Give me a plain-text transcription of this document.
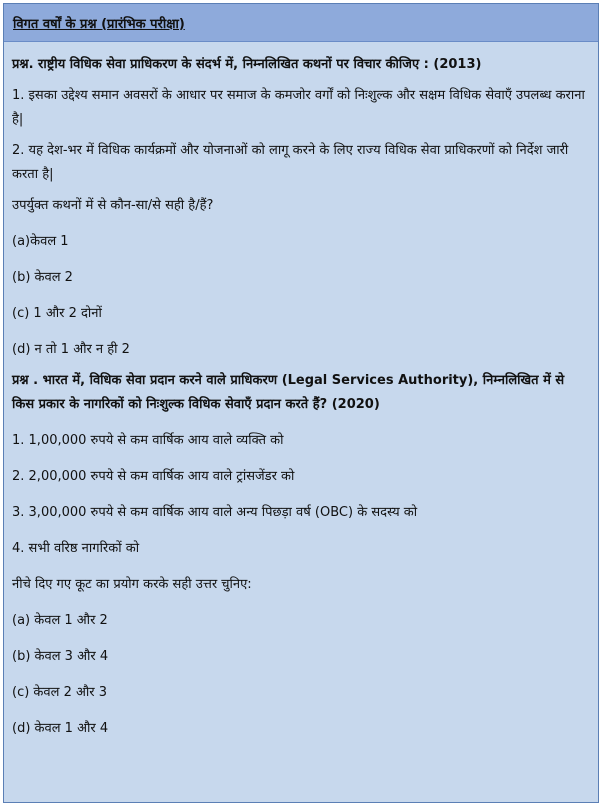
विगत वर्षों के प्रश्न (प्रारंभिक परीक्षा)

प्रश्न. राष्ट्रीय विधिक सेवा प्राधिकरण के संदर्भ में, निम्नलिखित कथनों पर विचार कीजिए : (2013)

1. इसका उद्देश्य समान अवसरों के आधार पर समाज के कमजोर वर्गों को निःशुल्क और सक्षम विधिक सेवाएँ उपलब्ध कराना है|

2. यह देश-भर में विधिक कार्यक्रमों और योजनाओं को लागू करने के लिए राज्य विधिक सेवा प्राधिकरणों को निर्देश जारी करता है|

उपर्युक्त कथनों में से कौन-सा/से सही है/हैं?

(a)केवल 1

(b) केवल 2

(c) 1 और 2 दोनों

(d) न तो 1 और न ही 2

प्रश्न . भारत में, विधिक सेवा प्रदान करने वाले प्राधिकरण (Legal Services Authority), निम्नलिखित में से किस प्रकार के नागरिकों को निःशुल्क विधिक सेवाएँ प्रदान करते हैं? (2020)

1. 1,00,000 रुपये से कम वार्षिक आय वाले व्यक्ति को

2. 2,00,000 रुपये से कम वार्षिक आय वाले ट्रांसजेंडर को

3. 3,00,000 रुपये से कम वार्षिक आय वाले अन्य पिछड़ा वर्ष (OBC) के सदस्य को

4. सभी वरिष्ठ नागरिकों को

नीचे दिए गए कूट का प्रयोग करके सही उत्तर चुनिए:

(a) केवल 1 और 2

(b) केवल 3 और 4

(c) केवल 2 और 3

(d) केवल 1 और 4
